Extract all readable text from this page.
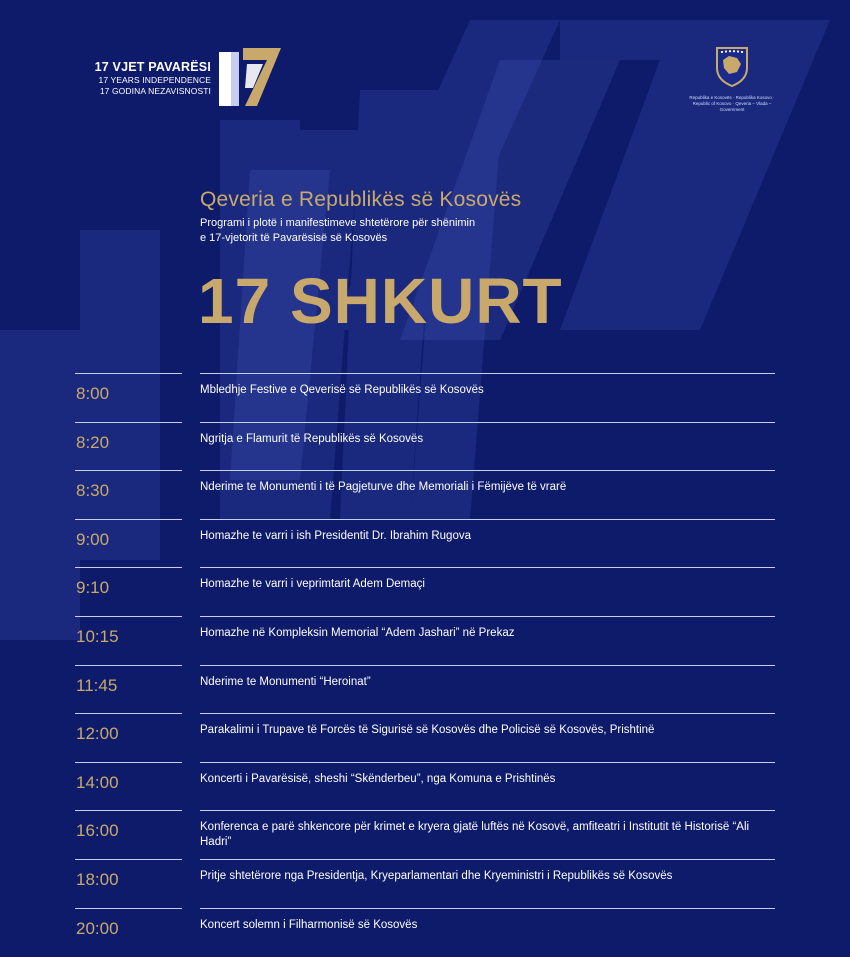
17 VJET PAVARËSI
17 YEARS INDEPENDENCE
17 GODINA NEZAVISNOSTI
Republika e Kosovës · Republika Kosovo · Republic of Kosovo · Qeveria – Vlada – Government
Qeveria e Republikës së Kosovës
Programi i plotë i manifestimeve shtetërore për shënimin
e 17-vjetorit të Pavarësisë së Kosovës
17 SHKURT
8:00	Mbledhje Festive e Qeverisë së Republikës së Kosovës
8:20	Ngritja e Flamurit të Republikës së Kosovës
8:30	Nderime te Monumenti i të Pagjeturve dhe Memoriali i Fëmijëve të vrarë
9:00	Homazhe te varri i ish Presidentit Dr. Ibrahim Rugova
9:10	Homazhe te varri i veprimtarit Adem Demaçi
10:15	Homazhe në Kompleksin Memorial “Adem Jashari” në Prekaz
11:45	Nderime te Monumenti “Heroinat”
12:00	Parakalimi i Trupave të Forcës të Sigurisë së Kosovës dhe Policisë së Kosovës, Prishtinë
14:00	Koncerti i Pavarësisë, sheshi “Skënderbeu”, nga Komuna e Prishtinës
16:00	Konferenca e parë shkencore për krimet e kryera gjatë luftës në Kosovë, amfiteatri i Institutit të Historisë “Ali Hadri”
18:00	Pritje shtetërore nga Presidentja, Kryeparlamentari dhe Kryeministri i Republikës së Kosovës
20:00	Koncert solemn i Filharmonisë së Kosovës
